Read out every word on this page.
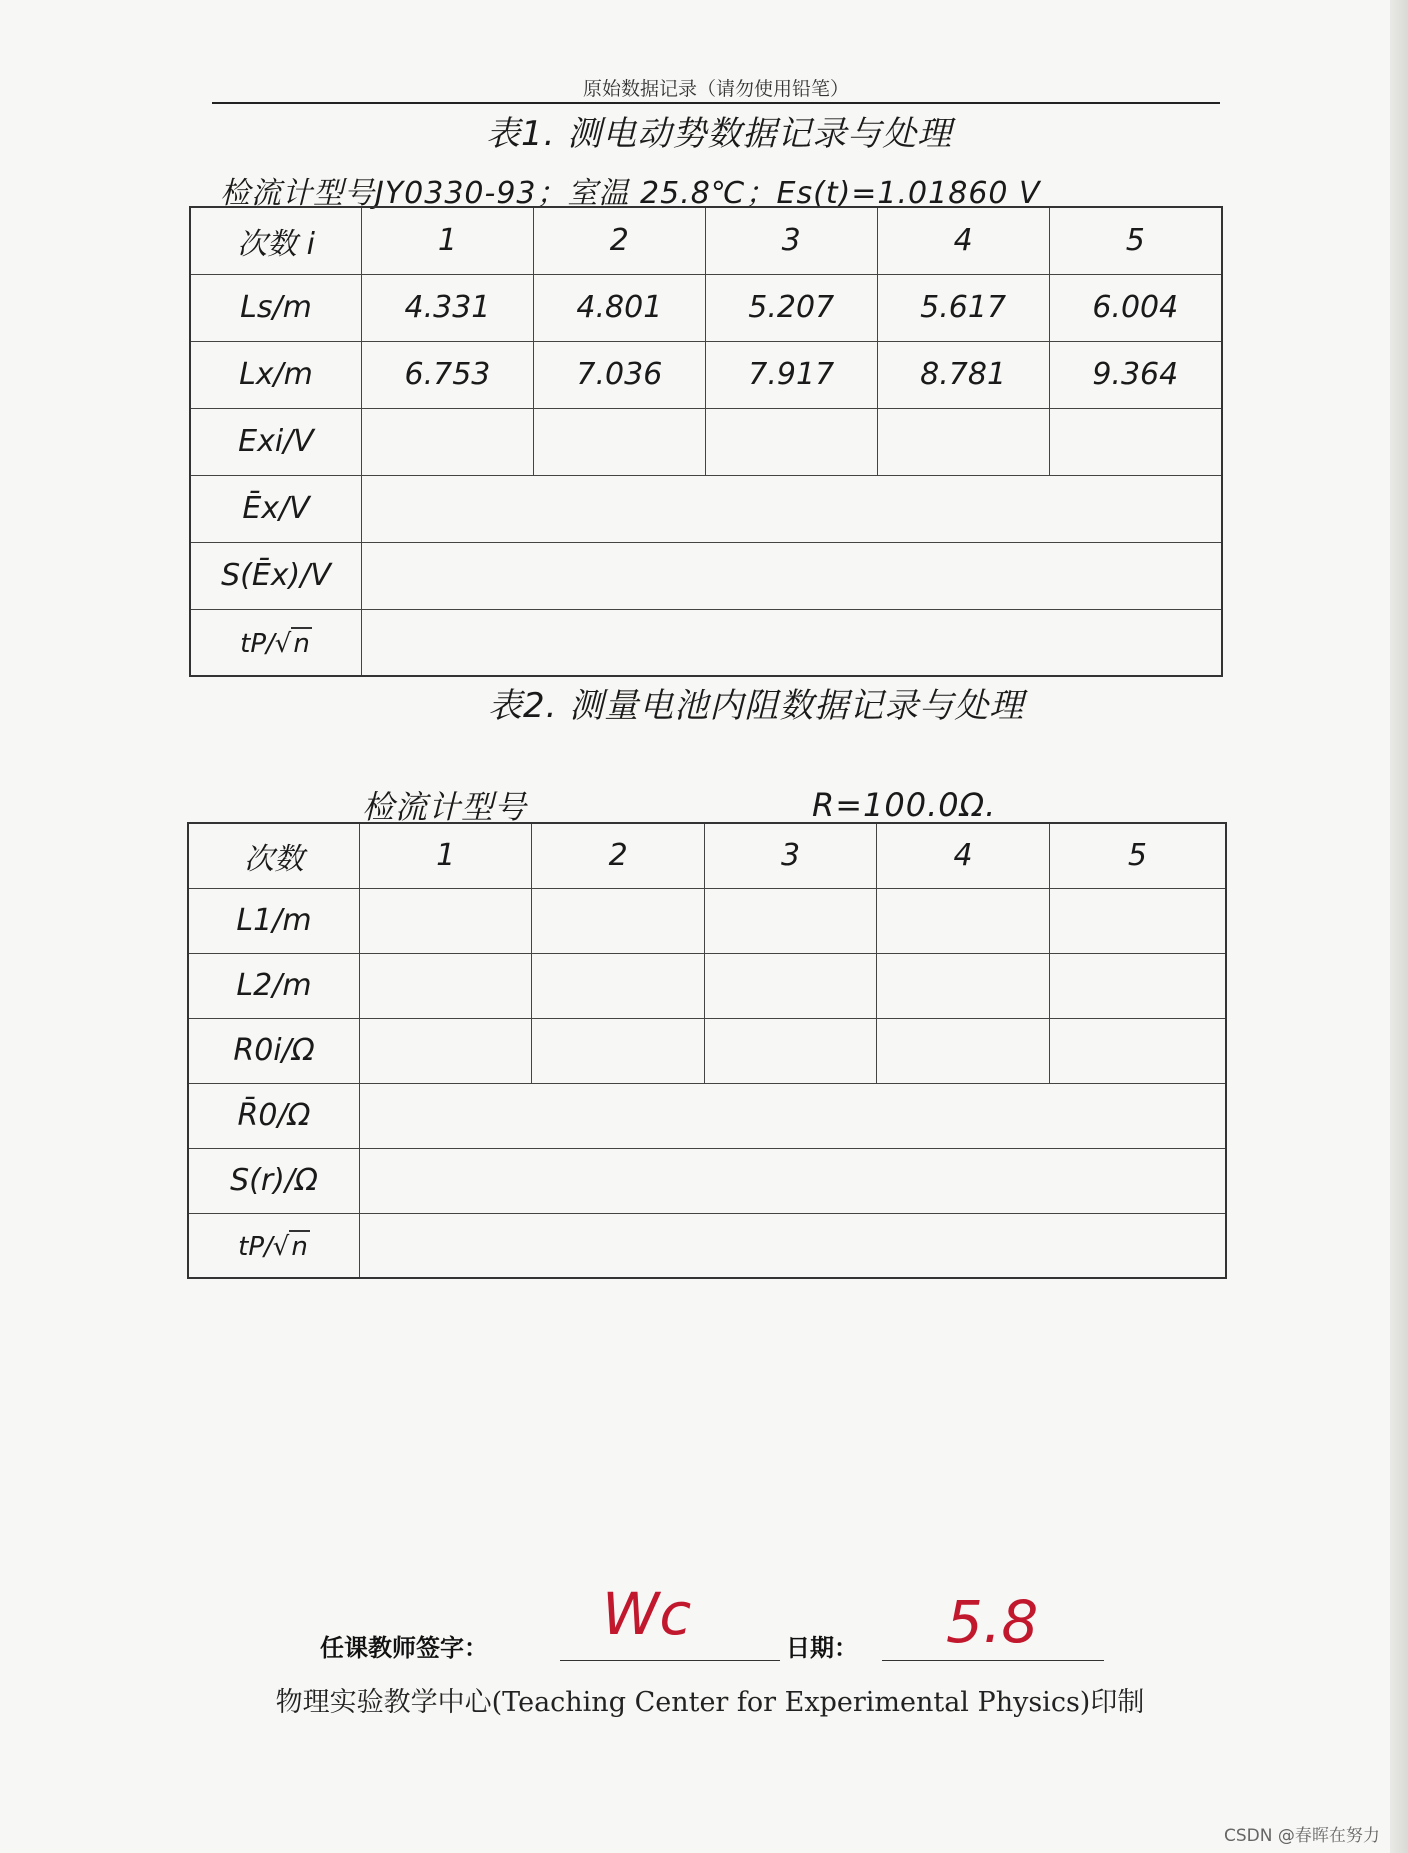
原始数据记录（请勿使用铅笔）
表1. 测电动势数据记录与处理
检流计型号JY0330-93；室温 25.8℃；Es(t)=1.01860 V
次数 i	1	2	3	4	5
Ls/m	4.331	4.801	5.207	5.617	6.004
Lx/m	6.753	7.036	7.917	8.781	9.364
Exi/V					
Ēx/V					
S(Ēx)/V					
tP/√n					
表2. 测量电池内阻数据记录与处理
检流计型号	R=100.0Ω.
次数	1	2	3	4	5
L1/m					
L2/m					
R0i/Ω					
R̄0/Ω					
S(r)/Ω					
tP/√n					
任课教师签字： Wc	日期： 5.8
物理实验教学中心(Teaching Center for Experimental Physics)印制
CSDN @春晖在努力
